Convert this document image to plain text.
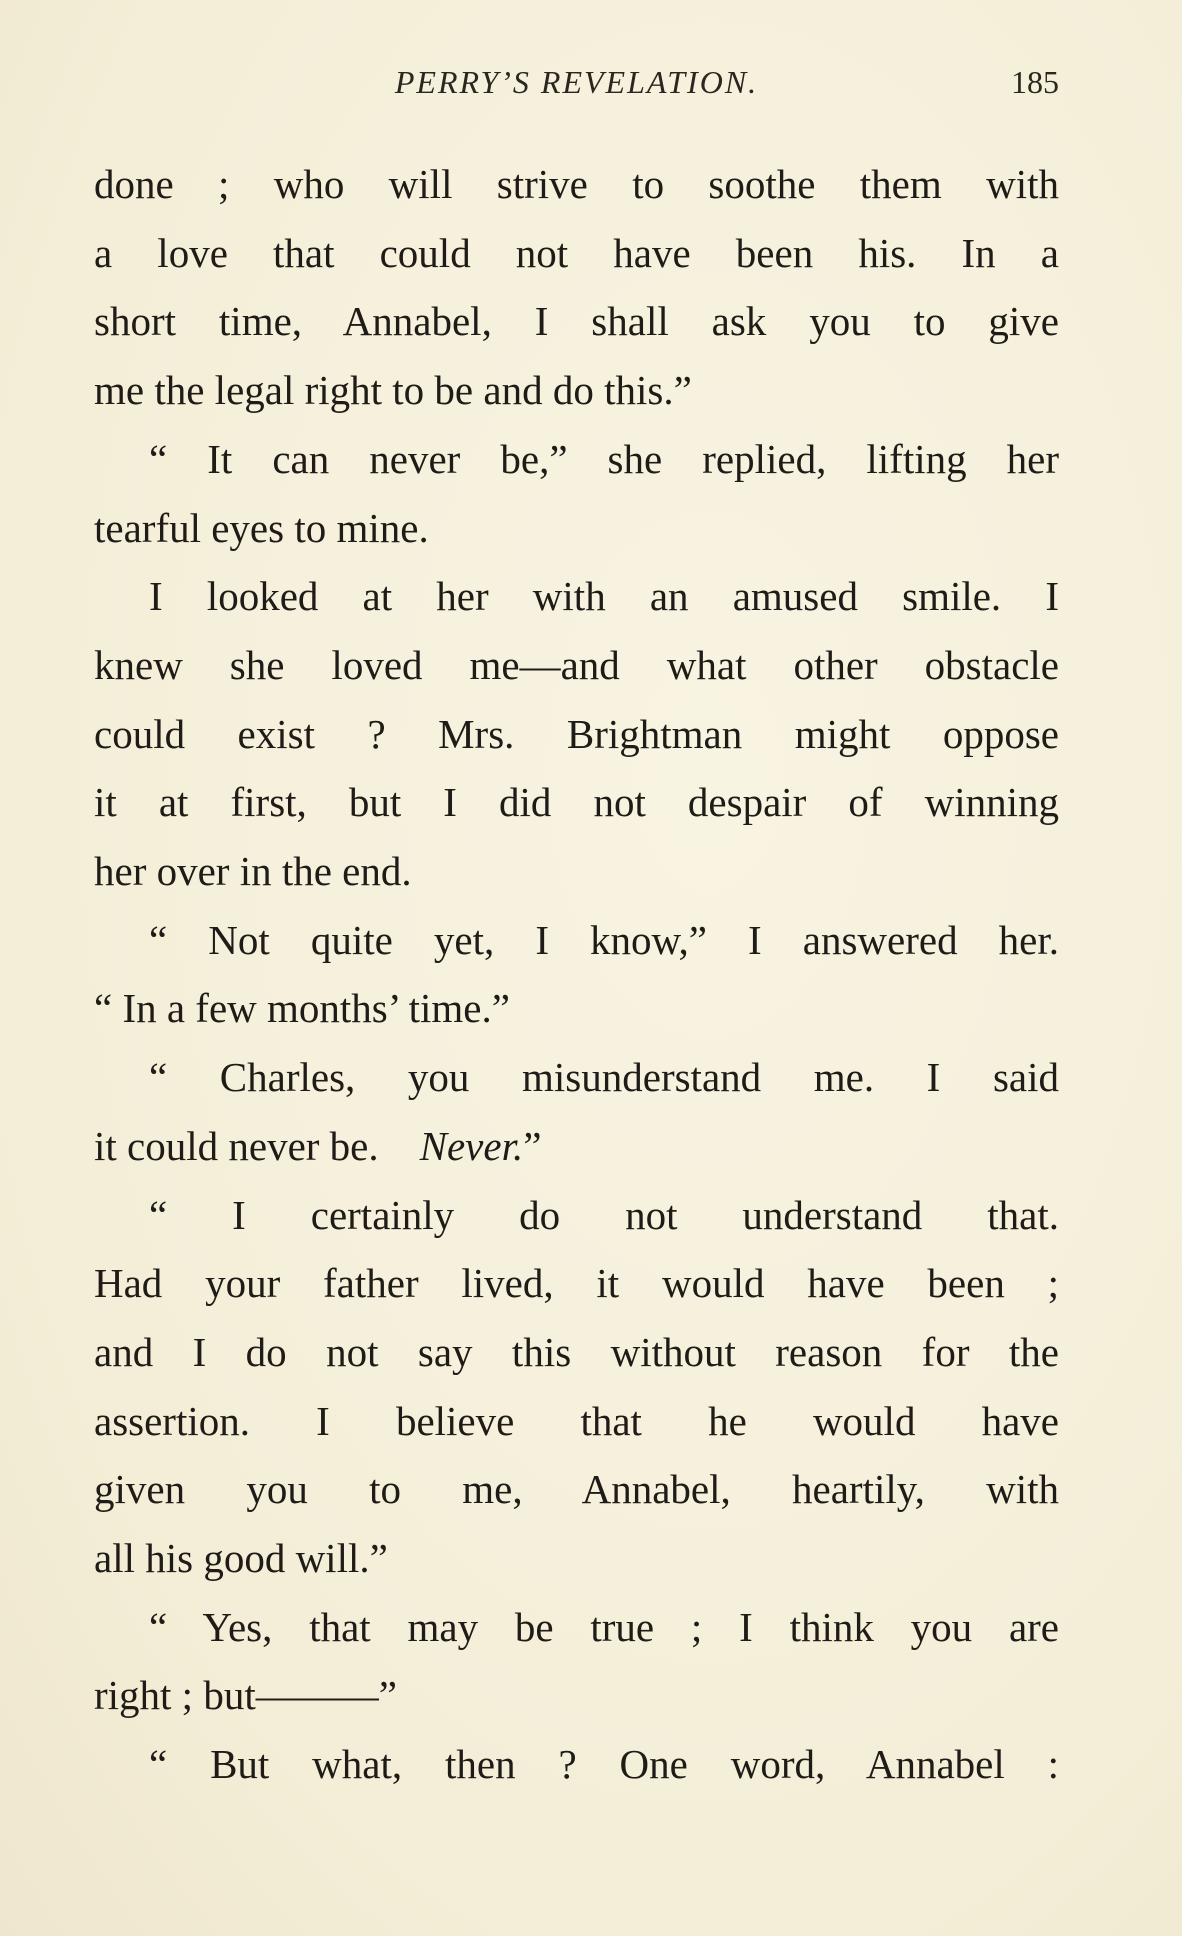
PERRY’S REVELATION.	185
done ; who will strive to soothe them with
a love that could not have been his. In a
short time, Annabel, I shall ask you to give
me the legal right to be and do this.”
“ It can never be,” she replied, lifting her
tearful eyes to mine.
I looked at her with an amused smile. I
knew she loved me—and what other obstacle
could exist ? Mrs. Brightman might oppose
it at first, but I did not despair of winning
her over in the end.
“ Not quite yet, I know,” I answered her.
“ In a few months’ time.”
“ Charles, you misunderstand me. I said
it could never be. Never.”
“ I certainly do not understand that.
Had your father lived, it would have been ;
and I do not say this without reason for the
assertion. I believe that he would have
given you to me, Annabel, heartily, with
all his good will.”
“ Yes, that may be true ; I think you are
right ; but———”
“ But what, then ? One word, Annabel :
